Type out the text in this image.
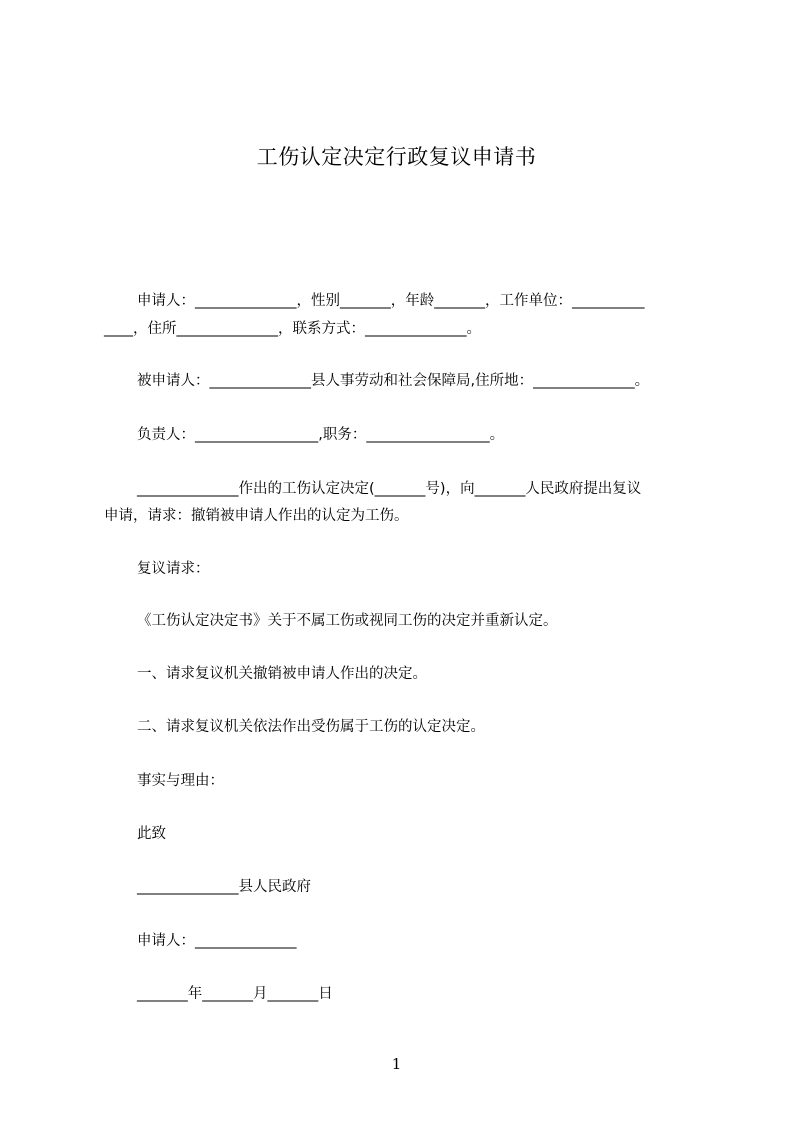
工伤认定决定行政复议申请书
申请人：______________，性别_______，年龄_______，工作单位：__________
____，住所______________，联系方式：______________。
被申请人：______________县人事劳动和社会保障局,住所地：______________。
负责人：_________________,职务：_________________。
______________作出的工伤认定决定(_______号)，向_______人民政府提出复议
申请，请求：撤销被申请人作出的认定为工伤。
复议请求：
《工伤认定决定书》关于不属工伤或视同工伤的决定并重新认定。
一、请求复议机关撤销被申请人作出的决定。
二、请求复议机关依法作出受伤属于工伤的认定决定。
事实与理由：
此致
______________县人民政府
申请人：______________
_______年_______月_______日
1
